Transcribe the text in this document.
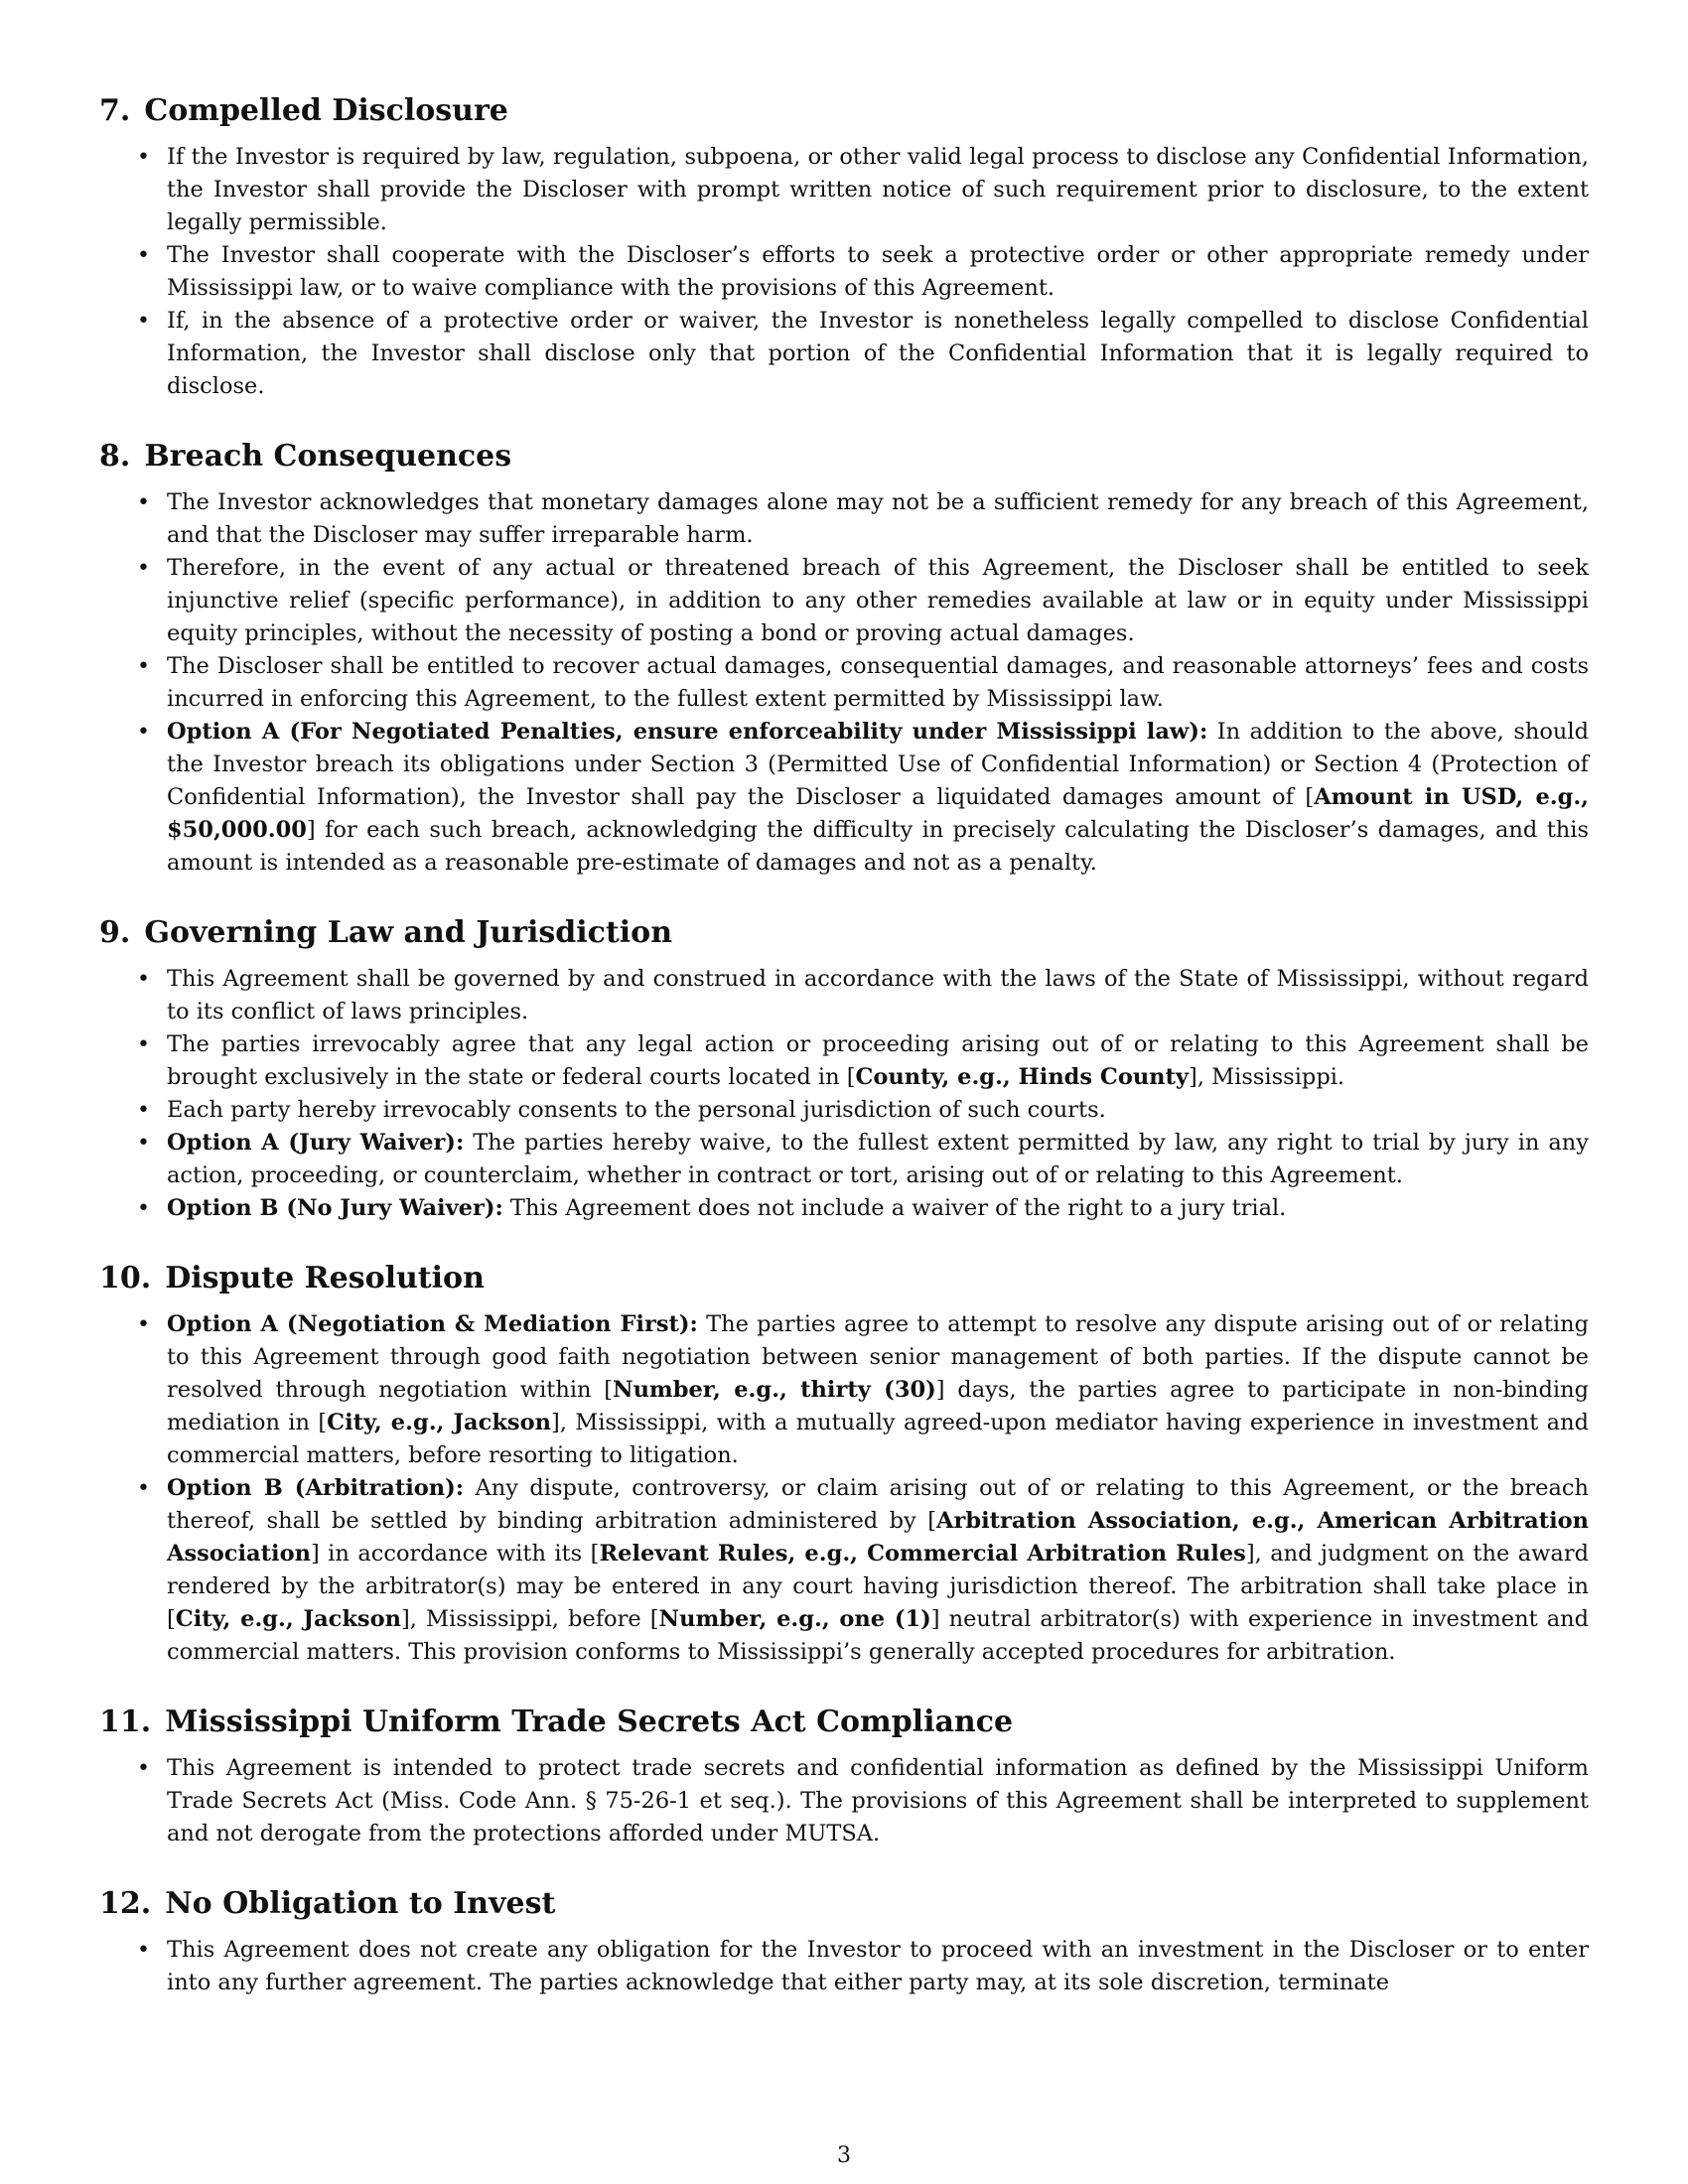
7. Compelled Disclosure
• If the Investor is required by law, regulation, subpoena, or other valid legal process to disclose any Confidential Information, the Investor shall provide the Discloser with prompt written notice of such requirement prior to disclosure, to the extent legally permissible.
• The Investor shall cooperate with the Discloser’s efforts to seek a protective order or other appropriate remedy under Mississippi law, or to waive compliance with the provisions of this Agreement.
• If, in the absence of a protective order or waiver, the Investor is nonetheless legally compelled to disclose Confidential Information, the Investor shall disclose only that portion of the Confidential Information that it is legally required to disclose.
8. Breach Consequences
• The Investor acknowledges that monetary damages alone may not be a sufficient remedy for any breach of this Agreement, and that the Discloser may suffer irreparable harm.
• Therefore, in the event of any actual or threatened breach of this Agreement, the Discloser shall be entitled to seek injunctive relief (specific performance), in addition to any other remedies available at law or in equity under Mississippi equity principles, without the necessity of posting a bond or proving actual damages.
• The Discloser shall be entitled to recover actual damages, consequential damages, and reasonable attorneys’ fees and costs incurred in enforcing this Agreement, to the fullest extent permitted by Mississippi law.
• Option A (For Negotiated Penalties, ensure enforceability under Mississippi law): In addition to the above, should the Investor breach its obligations under Section 3 (Permitted Use of Confidential Information) or Section 4 (Protection of Confidential Information), the Investor shall pay the Discloser a liquidated damages amount of [Amount in USD, e.g., $50,000.00] for each such breach, acknowledging the difficulty in precisely calculating the Discloser’s damages, and this amount is intended as a reasonable pre-estimate of damages and not as a penalty.
9. Governing Law and Jurisdiction
• This Agreement shall be governed by and construed in accordance with the laws of the State of Mississippi, without regard to its conflict of laws principles.
• The parties irrevocably agree that any legal action or proceeding arising out of or relating to this Agreement shall be brought exclusively in the state or federal courts located in [County, e.g., Hinds County], Mississippi.
• Each party hereby irrevocably consents to the personal jurisdiction of such courts.
• Option A (Jury Waiver): The parties hereby waive, to the fullest extent permitted by law, any right to trial by jury in any action, proceeding, or counterclaim, whether in contract or tort, arising out of or relating to this Agreement.
• Option B (No Jury Waiver): This Agreement does not include a waiver of the right to a jury trial.
10. Dispute Resolution
• Option A (Negotiation & Mediation First): The parties agree to attempt to resolve any dispute arising out of or relating to this Agreement through good faith negotiation between senior management of both parties. If the dispute cannot be resolved through negotiation within [Number, e.g., thirty (30)] days, the parties agree to participate in non-binding mediation in [City, e.g., Jackson], Mississippi, with a mutually agreed-upon mediator having experience in investment and commercial matters, before resorting to litigation.
• Option B (Arbitration): Any dispute, controversy, or claim arising out of or relating to this Agreement, or the breach thereof, shall be settled by binding arbitration administered by [Arbitration Association, e.g., American Arbitration Association] in accordance with its [Relevant Rules, e.g., Commercial Arbitration Rules], and judgment on the award rendered by the arbitrator(s) may be entered in any court having jurisdiction thereof. The arbitration shall take place in [City, e.g., Jackson], Mississippi, before [Number, e.g., one (1)] neutral arbitrator(s) with experience in investment and commercial matters. This provision conforms to Mississippi’s generally accepted procedures for arbitration.
11. Mississippi Uniform Trade Secrets Act Compliance
• This Agreement is intended to protect trade secrets and confidential information as defined by the Mississippi Uniform Trade Secrets Act (Miss. Code Ann. § 75-26-1 et seq.). The provisions of this Agreement shall be interpreted to supplement and not derogate from the protections afforded under MUTSA.
12. No Obligation to Invest
• This Agreement does not create any obligation for the Investor to proceed with an investment in the Discloser or to enter into any further agreement. The parties acknowledge that either party may, at its sole discretion, terminate
3
